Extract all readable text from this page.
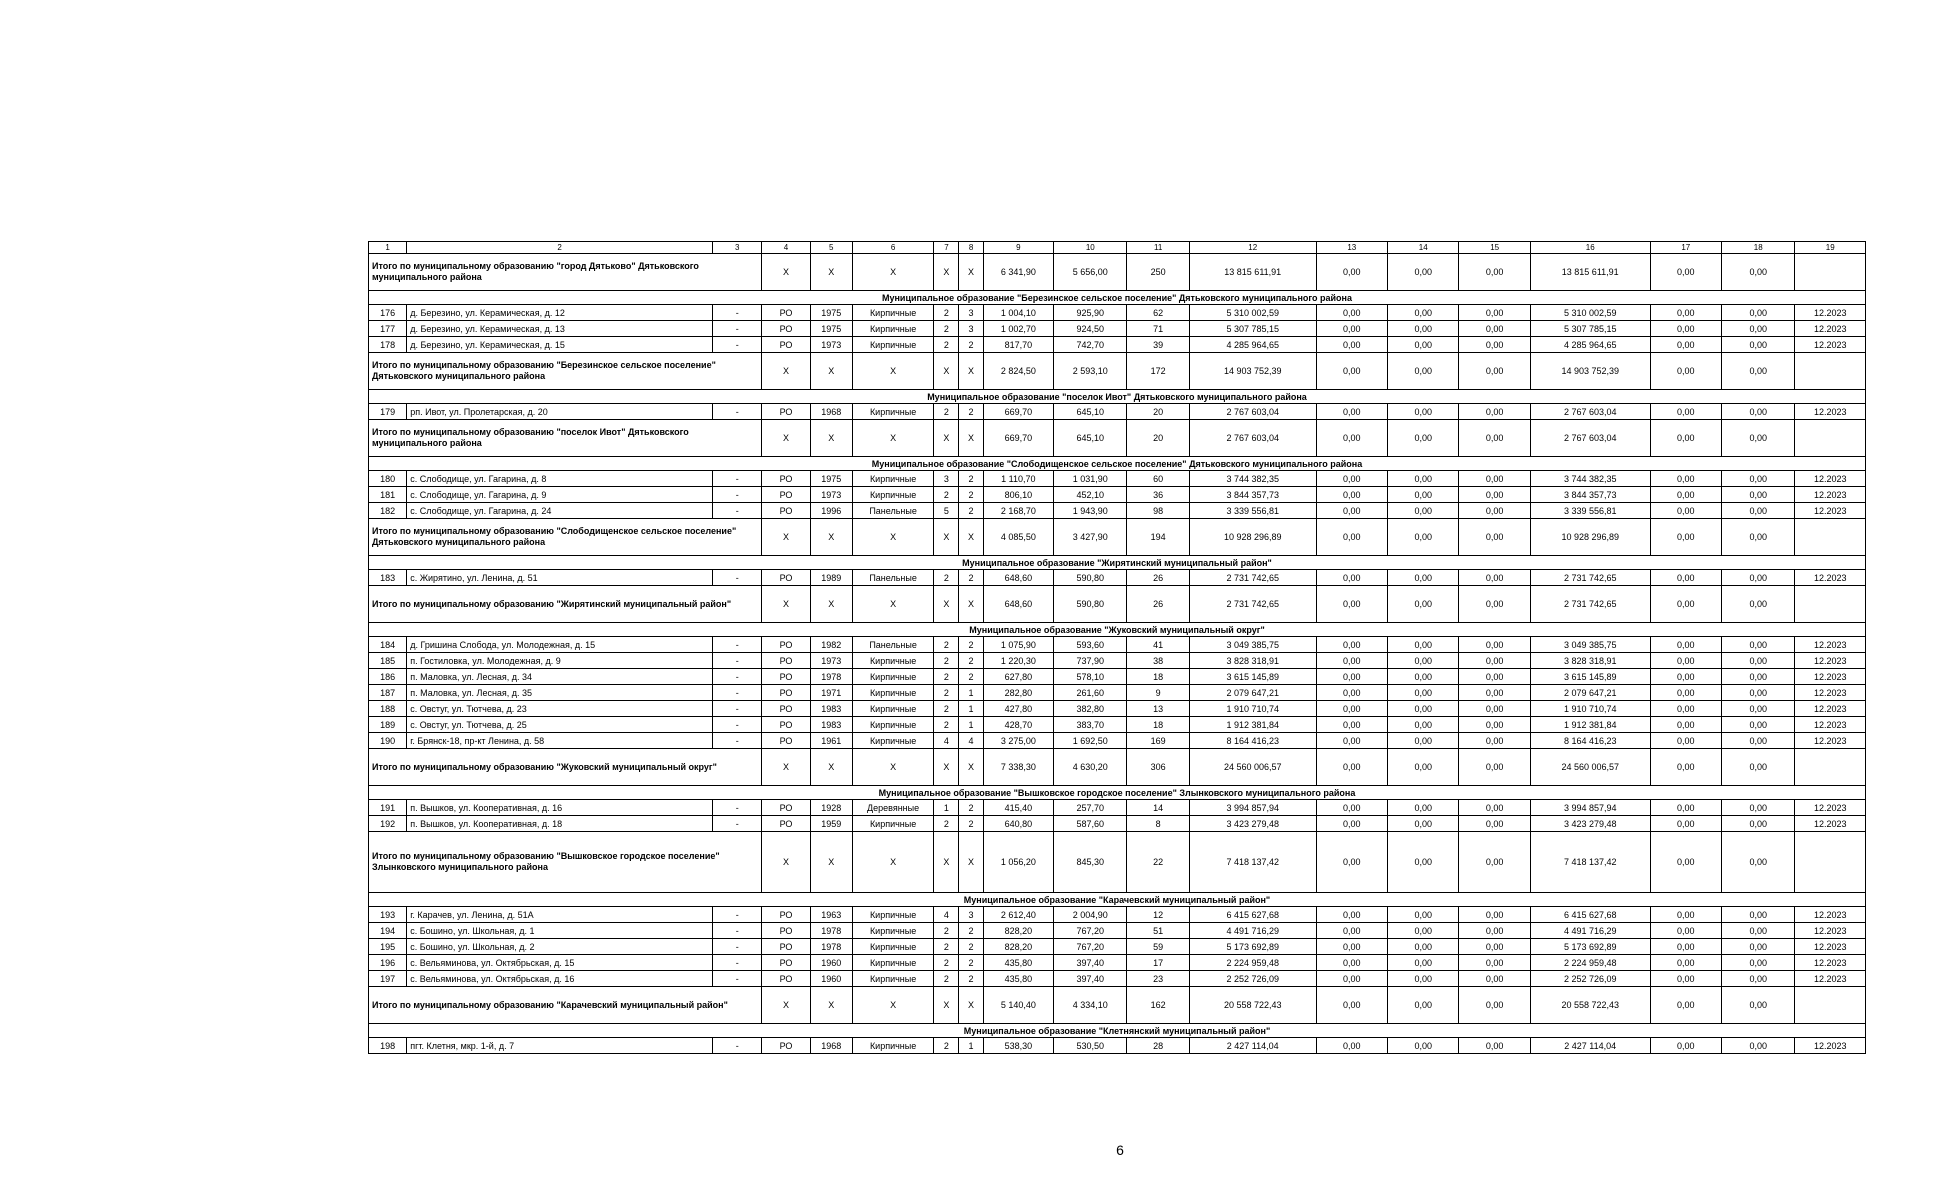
1	2	3	4	5	6	7	8	9	10	11	12	13	14	15	16	17	18	19
Итого по муниципальному образованию "город Дятьково" Дятьковского муниципального района			X	X	X	X	X	6 341,90	5 656,00	250	13 815 611,91	0,00	0,00	0,00	13 815 611,91	0,00	0,00	
Муниципальное образование "Березинское сельское поселение" Дятьковского муниципального района																		
176	д. Березино, ул. Керамическая, д. 12	-	РО	1975	Кирпичные	2	3	1 004,10	925,90	62	5 310 002,59	0,00	0,00	0,00	5 310 002,59	0,00	0,00	12.2023
177	д. Березино, ул. Керамическая, д. 13	-	РО	1975	Кирпичные	2	3	1 002,70	924,50	71	5 307 785,15	0,00	0,00	0,00	5 307 785,15	0,00	0,00	12.2023
178	д. Березино, ул. Керамическая, д. 15	-	РО	1973	Кирпичные	2	2	817,70	742,70	39	4 285 964,65	0,00	0,00	0,00	4 285 964,65	0,00	0,00	12.2023
Итого по муниципальному образованию "Березинское сельское поселение" Дятьковского муниципального района			X	X	X	X	X	2 824,50	2 593,10	172	14 903 752,39	0,00	0,00	0,00	14 903 752,39	0,00	0,00	
Муниципальное образование "поселок Ивот" Дятьковского муниципального района																		
179	рп. Ивот, ул. Пролетарская, д. 20	-	РО	1968	Кирпичные	2	2	669,70	645,10	20	2 767 603,04	0,00	0,00	0,00	2 767 603,04	0,00	0,00	12.2023
Итого по муниципальному образованию "поселок Ивот" Дятьковского муниципального района			X	X	X	X	X	669,70	645,10	20	2 767 603,04	0,00	0,00	0,00	2 767 603,04	0,00	0,00	
Муниципальное образование "Слободищенское сельское поселение" Дятьковского муниципального района																		
180	с. Слободище, ул. Гагарина, д. 8	-	РО	1975	Кирпичные	3	2	1 110,70	1 031,90	60	3 744 382,35	0,00	0,00	0,00	3 744 382,35	0,00	0,00	12.2023
181	с. Слободище, ул. Гагарина, д. 9	-	РО	1973	Кирпичные	2	2	806,10	452,10	36	3 844 357,73	0,00	0,00	0,00	3 844 357,73	0,00	0,00	12.2023
182	с. Слободище, ул. Гагарина, д. 24	-	РО	1996	Панельные	5	2	2 168,70	1 943,90	98	3 339 556,81	0,00	0,00	0,00	3 339 556,81	0,00	0,00	12.2023
Итого по муниципальному образованию "Слободищенское сельское поселение" Дятьковского муниципального района			X	X	X	X	X	4 085,50	3 427,90	194	10 928 296,89	0,00	0,00	0,00	10 928 296,89	0,00	0,00	
Муниципальное образование "Жирятинский муниципальный район"																		
183	с. Жирятино, ул. Ленина, д. 51	-	РО	1989	Панельные	2	2	648,60	590,80	26	2 731 742,65	0,00	0,00	0,00	2 731 742,65	0,00	0,00	12.2023
Итого по муниципальному образованию "Жирятинский муниципальный район"			X	X	X	X	X	648,60	590,80	26	2 731 742,65	0,00	0,00	0,00	2 731 742,65	0,00	0,00	
Муниципальное образование "Жуковский муниципальный округ"																		
184	д. Гришина Слобода, ул. Молодежная, д. 15	-	РО	1982	Панельные	2	2	1 075,90	593,60	41	3 049 385,75	0,00	0,00	0,00	3 049 385,75	0,00	0,00	12.2023
185	п. Гостиловка, ул. Молодежная, д. 9	-	РО	1973	Кирпичные	2	2	1 220,30	737,90	38	3 828 318,91	0,00	0,00	0,00	3 828 318,91	0,00	0,00	12.2023
186	п. Маловка, ул. Лесная, д. 34	-	РО	1978	Кирпичные	2	2	627,80	578,10	18	3 615 145,89	0,00	0,00	0,00	3 615 145,89	0,00	0,00	12.2023
187	п. Маловка, ул. Лесная, д. 35	-	РО	1971	Кирпичные	2	1	282,80	261,60	9	2 079 647,21	0,00	0,00	0,00	2 079 647,21	0,00	0,00	12.2023
188	с. Овстуг, ул. Тютчева, д. 23	-	РО	1983	Кирпичные	2	1	427,80	382,80	13	1 910 710,74	0,00	0,00	0,00	1 910 710,74	0,00	0,00	12.2023
189	с. Овстуг, ул. Тютчева, д. 25	-	РО	1983	Кирпичные	2	1	428,70	383,70	18	1 912 381,84	0,00	0,00	0,00	1 912 381,84	0,00	0,00	12.2023
190	г. Брянск-18, пр-кт Ленина, д. 58	-	РО	1961	Кирпичные	4	4	3 275,00	1 692,50	169	8 164 416,23	0,00	0,00	0,00	8 164 416,23	0,00	0,00	12.2023
Итого по муниципальному образованию "Жуковский муниципальный округ"			X	X	X	X	X	7 338,30	4 630,20	306	24 560 006,57	0,00	0,00	0,00	24 560 006,57	0,00	0,00	
Муниципальное образование "Вышковское городское поселение" Злынковского муниципального района																		
191	п. Вышков, ул. Кооперативная, д. 16	-	РО	1928	Деревянные	1	2	415,40	257,70	14	3 994 857,94	0,00	0,00	0,00	3 994 857,94	0,00	0,00	12.2023
192	п. Вышков, ул. Кооперативная, д. 18	-	РО	1959	Кирпичные	2	2	640,80	587,60	8	3 423 279,48	0,00	0,00	0,00	3 423 279,48	0,00	0,00	12.2023
Итого по муниципальному образованию "Вышковское городское поселение" Злынковского муниципального района			X	X	X	X	X	1 056,20	845,30	22	7 418 137,42	0,00	0,00	0,00	7 418 137,42	0,00	0,00	
Муниципальное образование "Карачевский муниципальный район"																		
193	г. Карачев, ул. Ленина, д. 51А	-	РО	1963	Кирпичные	4	3	2 612,40	2 004,90	12	6 415 627,68	0,00	0,00	0,00	6 415 627,68	0,00	0,00	12.2023
194	с. Бошино, ул. Школьная, д. 1	-	РО	1978	Кирпичные	2	2	828,20	767,20	51	4 491 716,29	0,00	0,00	0,00	4 491 716,29	0,00	0,00	12.2023
195	с. Бошино, ул. Школьная, д. 2	-	РО	1978	Кирпичные	2	2	828,20	767,20	59	5 173 692,89	0,00	0,00	0,00	5 173 692,89	0,00	0,00	12.2023
196	с. Вельяминова, ул. Октябрьская, д. 15	-	РО	1960	Кирпичные	2	2	435,80	397,40	17	2 224 959,48	0,00	0,00	0,00	2 224 959,48	0,00	0,00	12.2023
197	с. Вельяминова, ул. Октябрьская, д. 16	-	РО	1960	Кирпичные	2	2	435,80	397,40	23	2 252 726,09	0,00	0,00	0,00	2 252 726,09	0,00	0,00	12.2023
Итого по муниципальному образованию "Карачевский муниципальный район"			X	X	X	X	X	5 140,40	4 334,10	162	20 558 722,43	0,00	0,00	0,00	20 558 722,43	0,00	0,00	
Муниципальное образование "Клетнянский муниципальный район"																		
198	пгт. Клетня, мкр. 1-й, д. 7	-	РО	1968	Кирпичные	2	1	538,30	530,50	28	2 427 114,04	0,00	0,00	0,00	2 427 114,04	0,00	0,00	12.2023
6
